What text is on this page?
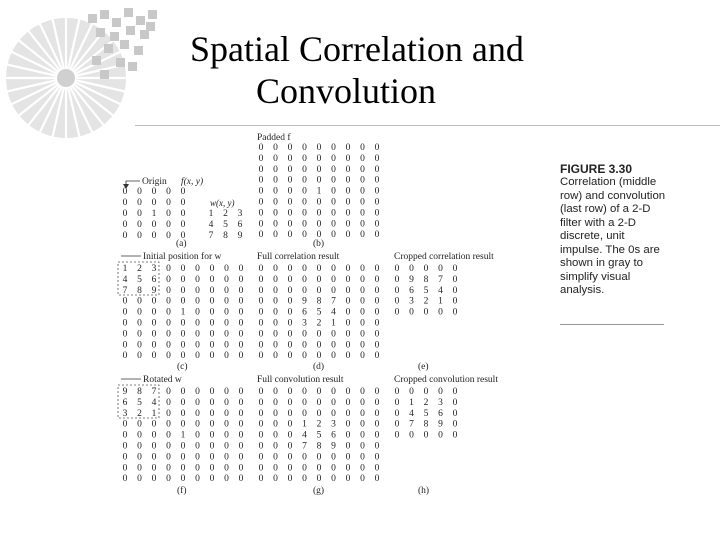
Spatial Correlation and
Convolution
Padded f
Origin f(x, y)
w(x, y)
(a)	(b)
Initial position for w	Full correlation result	Cropped correlation result
(c)	(d)	(e)
Rotated w	Full convolution result	Cropped convolution result
(f)	(g)	(h)
0 0 0 0 0
0 0 0 0 0
0 0 1 0 0
0 0 0 0 0
0 0 0 0 0
1 2 3
4 5 6
7 8 9
0 0 0 0 0 0 0 0 0
0 0 0 0 0 0 0 0 0
0 0 0 0 0 0 0 0 0
0 0 0 0 0 0 0 0 0
0 0 0 0 1 0 0 0 0
0 0 0 0 0 0 0 0 0
0 0 0 0 0 0 0 0 0
0 0 0 0 0 0 0 0 0
0 0 0 0 0 0 0 0 0
1 2 3 0 0 0 0 0 0
4 5 6 0 0 0 0 0 0
7 8 9 0 0 0 0 0 0
0 0 0 0 0 0 0 0 0
0 0 0 0 1 0 0 0 0
0 0 0 0 0 0 0 0 0
0 0 0 0 0 0 0 0 0
0 0 0 0 0 0 0 0 0
0 0 0 0 0 0 0 0 0
0 0 0 0 0 0 0 0 0
0 0 0 0 0 0 0 0 0
0 0 0 0 0 0 0 0 0
0 0 0 9 8 7 0 0 0
0 0 0 6 5 4 0 0 0
0 0 0 3 2 1 0 0 0
0 0 0 0 0 0 0 0 0
0 0 0 0 0 0 0 0 0
0 0 0 0 0 0 0 0 0
0 0 0 0 0
0 9 8 7 0
0 6 5 4 0
0 3 2 1 0
0 0 0 0 0
9 8 7 0 0 0 0 0 0
6 5 4 0 0 0 0 0 0
3 2 1 0 0 0 0 0 0
0 0 0 0 0 0 0 0 0
0 0 0 0 1 0 0 0 0
0 0 0 0 0 0 0 0 0
0 0 0 0 0 0 0 0 0
0 0 0 0 0 0 0 0 0
0 0 0 0 0 0 0 0 0
0 0 0 0 0 0 0 0 0
0 0 0 0 0 0 0 0 0
0 0 0 0 0 0 0 0 0
0 0 0 1 2 3 0 0 0
0 0 0 4 5 6 0 0 0
0 0 0 7 8 9 0 0 0
0 0 0 0 0 0 0 0 0
0 0 0 0 0 0 0 0 0
0 0 0 0 0 0 0 0 0
0 0 0 0 0
0 1 2 3 0
0 4 5 6 0
0 7 8 9 0
0 0 0 0 0
FIGURE 3.30
Correlation (middle row) and convolution (last row) of a 2-D filter with a 2-D discrete, unit impulse. The 0s are shown in gray to simplify visual analysis.
